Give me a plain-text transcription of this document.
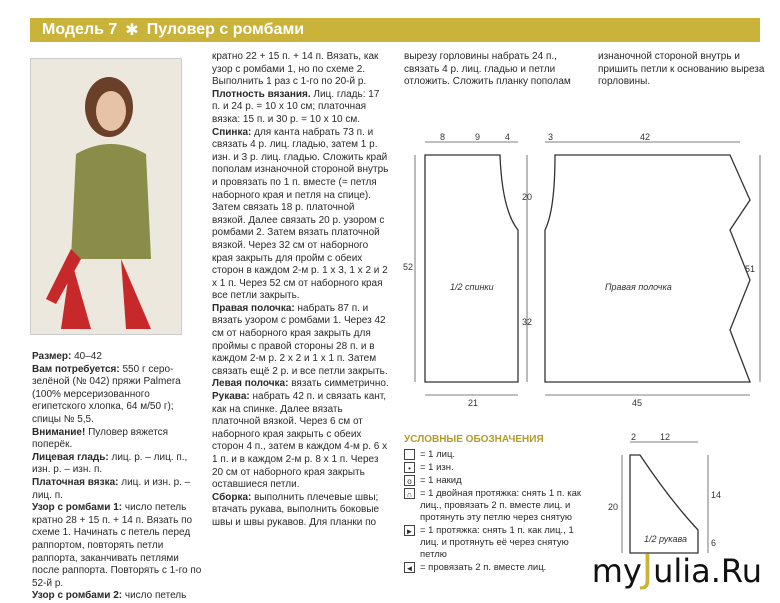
Модель 7 ✱ Пуловер с ромбами

Размер: 40–42

Вам потребуется: 550 г серо-зелёной (№ 042) пряжи Palmera (100% мерсеризованного египетского хлопка, 64 м/50 г); спицы № 5,5.

Внимание! Пуловер вяжется поперёк.

Лицевая гладь: лиц. р. – лиц. п., изн. р. – изн. п.

Платочная вязка: лиц. и изн. р. – лиц. п.

Узор с ромбами 1: число петель кратно 28 + 15 п. + 14 п. Вязать по схеме 1. Начинать с петель перед раппортом, повторять петли раппорта, заканчивать петлями после раппорта. Повторять с 1-го по 52-й р.

Узор с ромбами 2: число петель

кратно 22 + 15 п. + 14 п. Вязать, как узор с ромбами 1, но по схеме 2. Выполнить 1 раз с 1-го по 20-й р.

Плотность вязания. Лиц. гладь: 17 п. и 24 р. = 10 х 10 см; платочная вязка: 15 п. и 30 р. = 10 х 10 см.

Спинка: для канта набрать 73 п. и связать 4 р. лиц. гладью, затем 1 р. изн. и 3 р. лиц. гладью. Сложить край пополам изнаночной стороной внутрь и провязать по 1 п. вместе (= петля наборного края и петля на спице). Затем связать 18 р. платочной вязкой. Далее связать 20 р. узором с ромбами 2. Затем вязать платочной вязкой. Через 32 см от наборного края закрыть для пройм с обеих сторон в каждом 2-м р. 1 х 3, 1 х 2 и 2 х 1 п. Через 52 см от наборного края все петли закрыть.

Правая полочка: набрать 87 п. и вязать узором с ромбами 1. Через 42 см от наборного края закрыть для проймы с правой стороны 28 п. и в каждом 2-м р. 2 х 2 и 1 х 1 п. Затем связать ещё 2 р. и все петли закрыть.

Левая полочка: вязать симметрично.

Рукава: набрать 42 п. и связать кант, как на спинке. Далее вязать платочной вязкой. Через 6 см от наборного края закрыть с обеих сторон 4 п., затем в каждом 4-м р. 6 х 1 п. и в каждом 2-м р. 8 х 1 п. Через 20 см от наборного края закрыть оставшиеся петли.

Сборка: выполнить плечевые швы; втачать рукава, выполнить боковые швы и швы рукавов. Для планки по

вырезу горловины набрать 24 п., связать 4 р. лиц. гладью и петли отложить. Сложить планку пополам

изнаночной стороной внутрь и пришить петли к основанию выреза горловины.

8	9	4
52
20
32
21
3	42
51
45
1/2 спинки	Правая полочка
2	12
20
14
6
1/2 рукава
УСЛОВНЫЕ ОБОЗНАЧЕНИЯ
= 1 лиц.
• = 1 изн.
o = 1 накид
∩ = 1 двойная протяжка: снять 1 п. как лиц., провязать 2 п. вместе лиц. и протянуть эту петлю через снятую
► = 1 протяжка: снять 1 п. как лиц., 1 лиц. и протянуть её через снятую петлю
◄ = провязать 2 п. вместе лиц. myJulia.Ru
